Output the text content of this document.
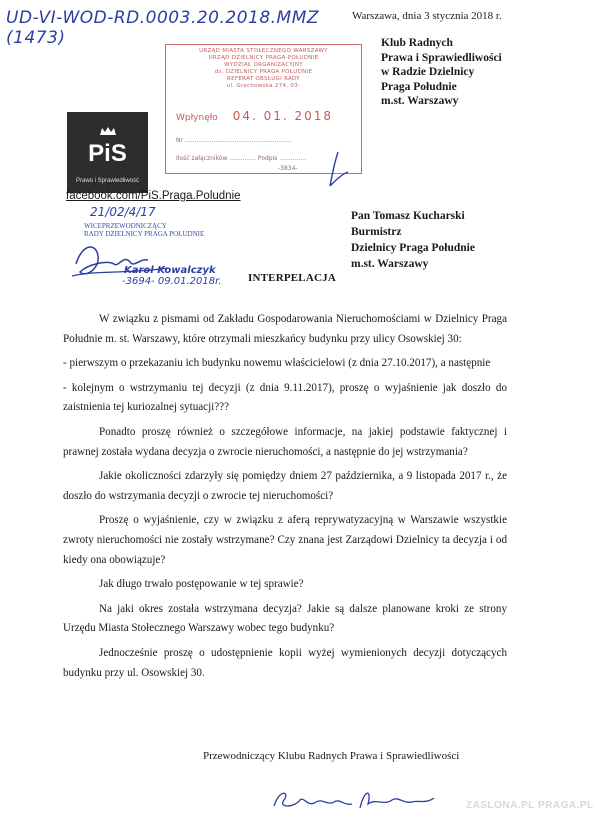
UD-VI-WOD-RD.0003.20.2018.MMZ
(1473)
Warszawa, dnia 3 stycznia 2018 r.
Klub Radnych
Prawa i Sprawiedliwości
w Radzie Dzielnicy
Praga Południe
m.st. Warszawy
URZĄD MIASTA STOŁECZNEGO WARSZAWY
URZĄD DZIELNICY PRAGA-POŁUDNIE
WYDZIAŁ ORGANIZACYJNY
ds. DZIELNICY PRAGA POŁUDNIE
REFERAT OBSŁUGI RADY
ul. Grochowska 274, 03-
Wpłynęło 04. 01. 2018
Nr ........................................................
Ilość załączników .............. Podpis ..............
-3834-
PiS
Prawo i Sprawiedliwość
facebook.com/PiS.Praga.Poludnie
21/02/4/17
WICEPRZEWODNICZĄCY
RADY DZIELNICY PRAGA POŁUDNIE
Karol Kowalczyk
-3694- 09.01.2018r.
Pan Tomasz Kucharski
Burmistrz
Dzielnicy Praga Południe
m.st. Warszawy
INTERPELACJA

W związku z pismami od Zakładu Gospodarowania Nieruchomościami w Dzielnicy Praga Południe m. st. Warszawy, które otrzymali mieszkańcy budynku przy ulicy Osowskiej 30:

- pierwszym o przekazaniu ich budynku nowemu właścicielowi (z dnia 27.10.2017), a następnie

- kolejnym o wstrzymaniu tej decyzji (z dnia 9.11.2017), proszę o wyjaśnienie jak doszło do zaistnienia tej kuriozalnej sytuacji???

Ponadto proszę również o szczegółowe informacje, na jakiej podstawie faktycznej i prawnej została wydana decyzja o zwrocie nieruchomości, a następnie do jej wstrzymania?

Jakie okoliczności zdarzyły się pomiędzy dniem 27 października, a 9 listopada 2017 r., że doszło do wstrzymania decyzji o zwrocie tej nieruchomości?

Proszę o wyjaśnienie, czy w związku z aferą reprywatyzacyjną w Warszawie wszystkie zwroty nieruchomości nie zostały wstrzymane? Czy znana jest Zarządowi Dzielnicy ta decyzja i od kiedy ona obowiązuje?

Jak długo trwało postępowanie w tej sprawie?

Na jaki okres została wstrzymana decyzja? Jakie są dalsze planowane kroki ze strony Urzędu Miasta Stołecznego Warszawy wobec tego budynku?

Jednocześnie proszę o udostępnienie kopii wyżej wymienionych decyzji dotyczących budynku przy ul. Osowskiej 30.

Przewodniczący Klubu Radnych Prawa i Sprawiedliwości
ZASLONA.PL PRAGA.PL
